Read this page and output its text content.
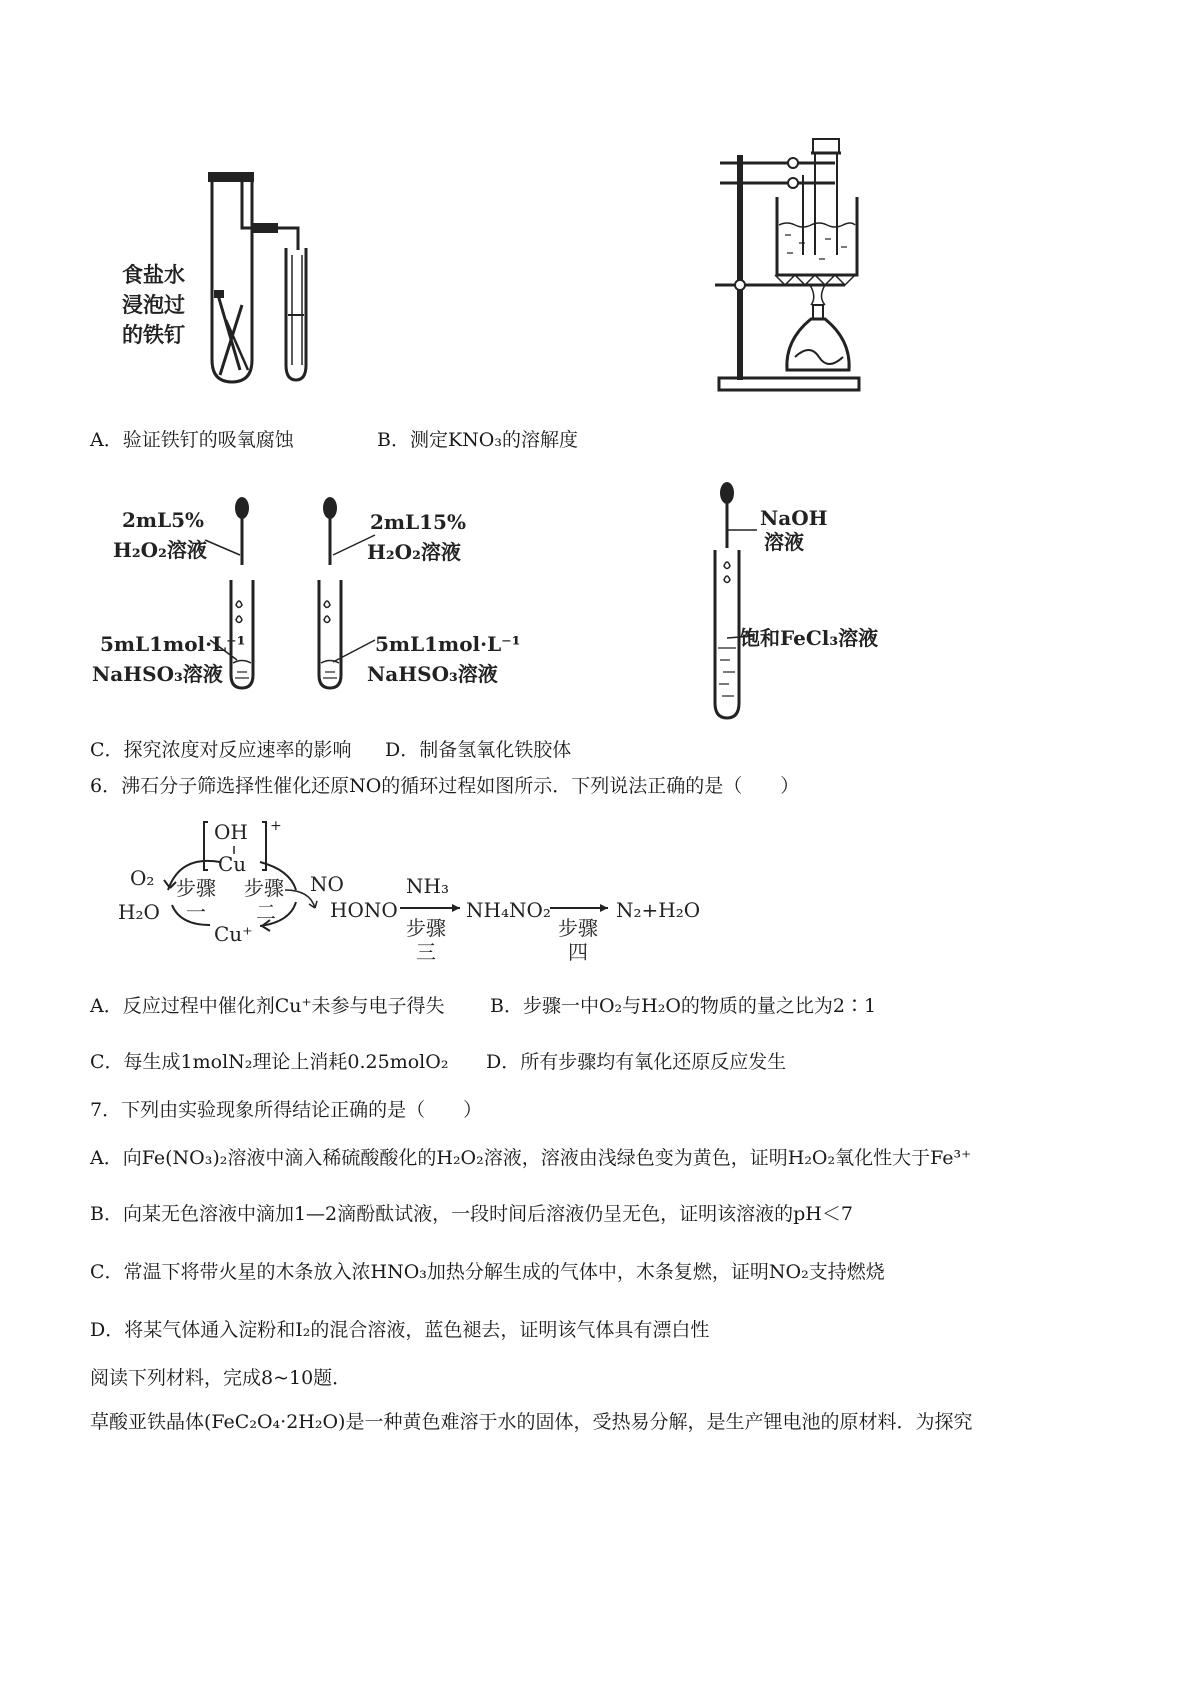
食盐水
浸泡过
的铁钉
A．验证铁钉的吸氧腐蚀	B．测定KNO₃的溶解度
2mL5%
H₂O₂溶液
2mL15%
H₂O₂溶液
5mL1mol·L⁻¹
NaHSO₃溶液
5mL1mol·L⁻¹
NaHSO₃溶液
NaOH
溶液
饱和FeCl₃溶液
C．探究浓度对反应速率的影响 D．制备氢氧化铁胶体
6．沸石分子筛选择性催化还原NO的循环过程如图所示．下列说法正确的是（　　）
OH +
Cu
O₂
H₂O
步骤
一
步骤
二
NO
Cu⁺
HONO
NH₃
步骤
三
NH₄NO₂
步骤
四
N₂+H₂O
A．反应过程中催化剂Cu⁺未参与电子得失 B．步骤一中O₂与H₂O的物质的量之比为2∶1
C．每生成1molN₂理论上消耗0.25molO₂ D．所有步骤均有氧化还原反应发生
7．下列由实验现象所得结论正确的是（　　）
A．向Fe(NO₃)₂溶液中滴入稀硫酸酸化的H₂O₂溶液，溶液由浅绿色变为黄色，证明H₂O₂氧化性大于Fe³⁺
B．向某无色溶液中滴加1—2滴酚酞试液，一段时间后溶液仍呈无色，证明该溶液的pH＜7
C．常温下将带火星的木条放入浓HNO₃加热分解生成的气体中，木条复燃，证明NO₂支持燃烧
D．将某气体通入淀粉和I₂的混合溶液，蓝色褪去，证明该气体具有漂白性
阅读下列材料，完成8~10题．
草酸亚铁晶体(FeC₂O₄·2H₂O)是一种黄色难溶于水的固体，受热易分解，是生产锂电池的原材料．为探究
